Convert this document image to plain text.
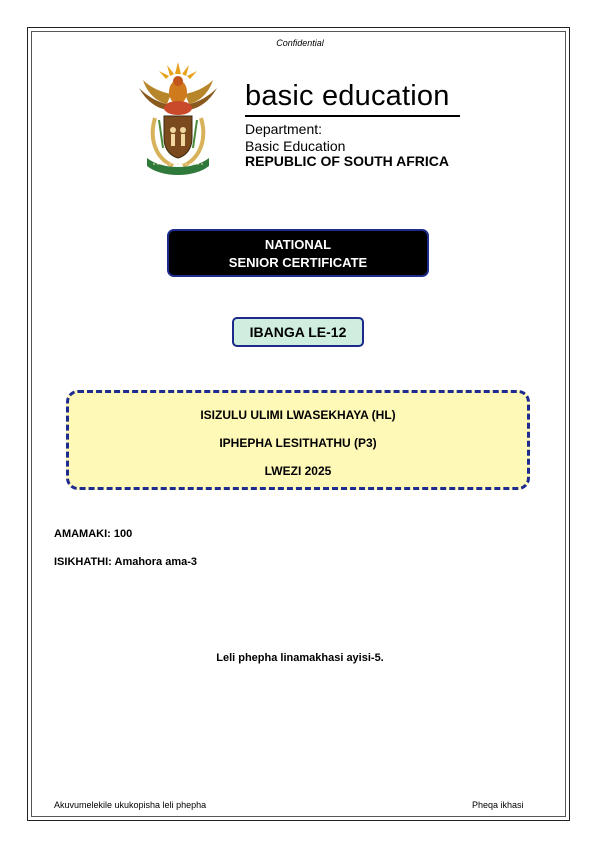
Confidential
basic education
Department:
Basic Education
REPUBLIC OF SOUTH AFRICA
NATIONAL
SENIOR CERTIFICATE
IBANGA LE-12
ISIZULU ULIMI LWASEKHAYA (HL)
IPHEPHA LESITHATHU (P3)
LWEZI 2025
AMAMAKI: 100
ISIKHATHI: Amahora ama-3
Leli phepha linamakhasi ayisi-5.
Akuvumelekile ukukopisha leli phepha	Pheqa ikhasi
